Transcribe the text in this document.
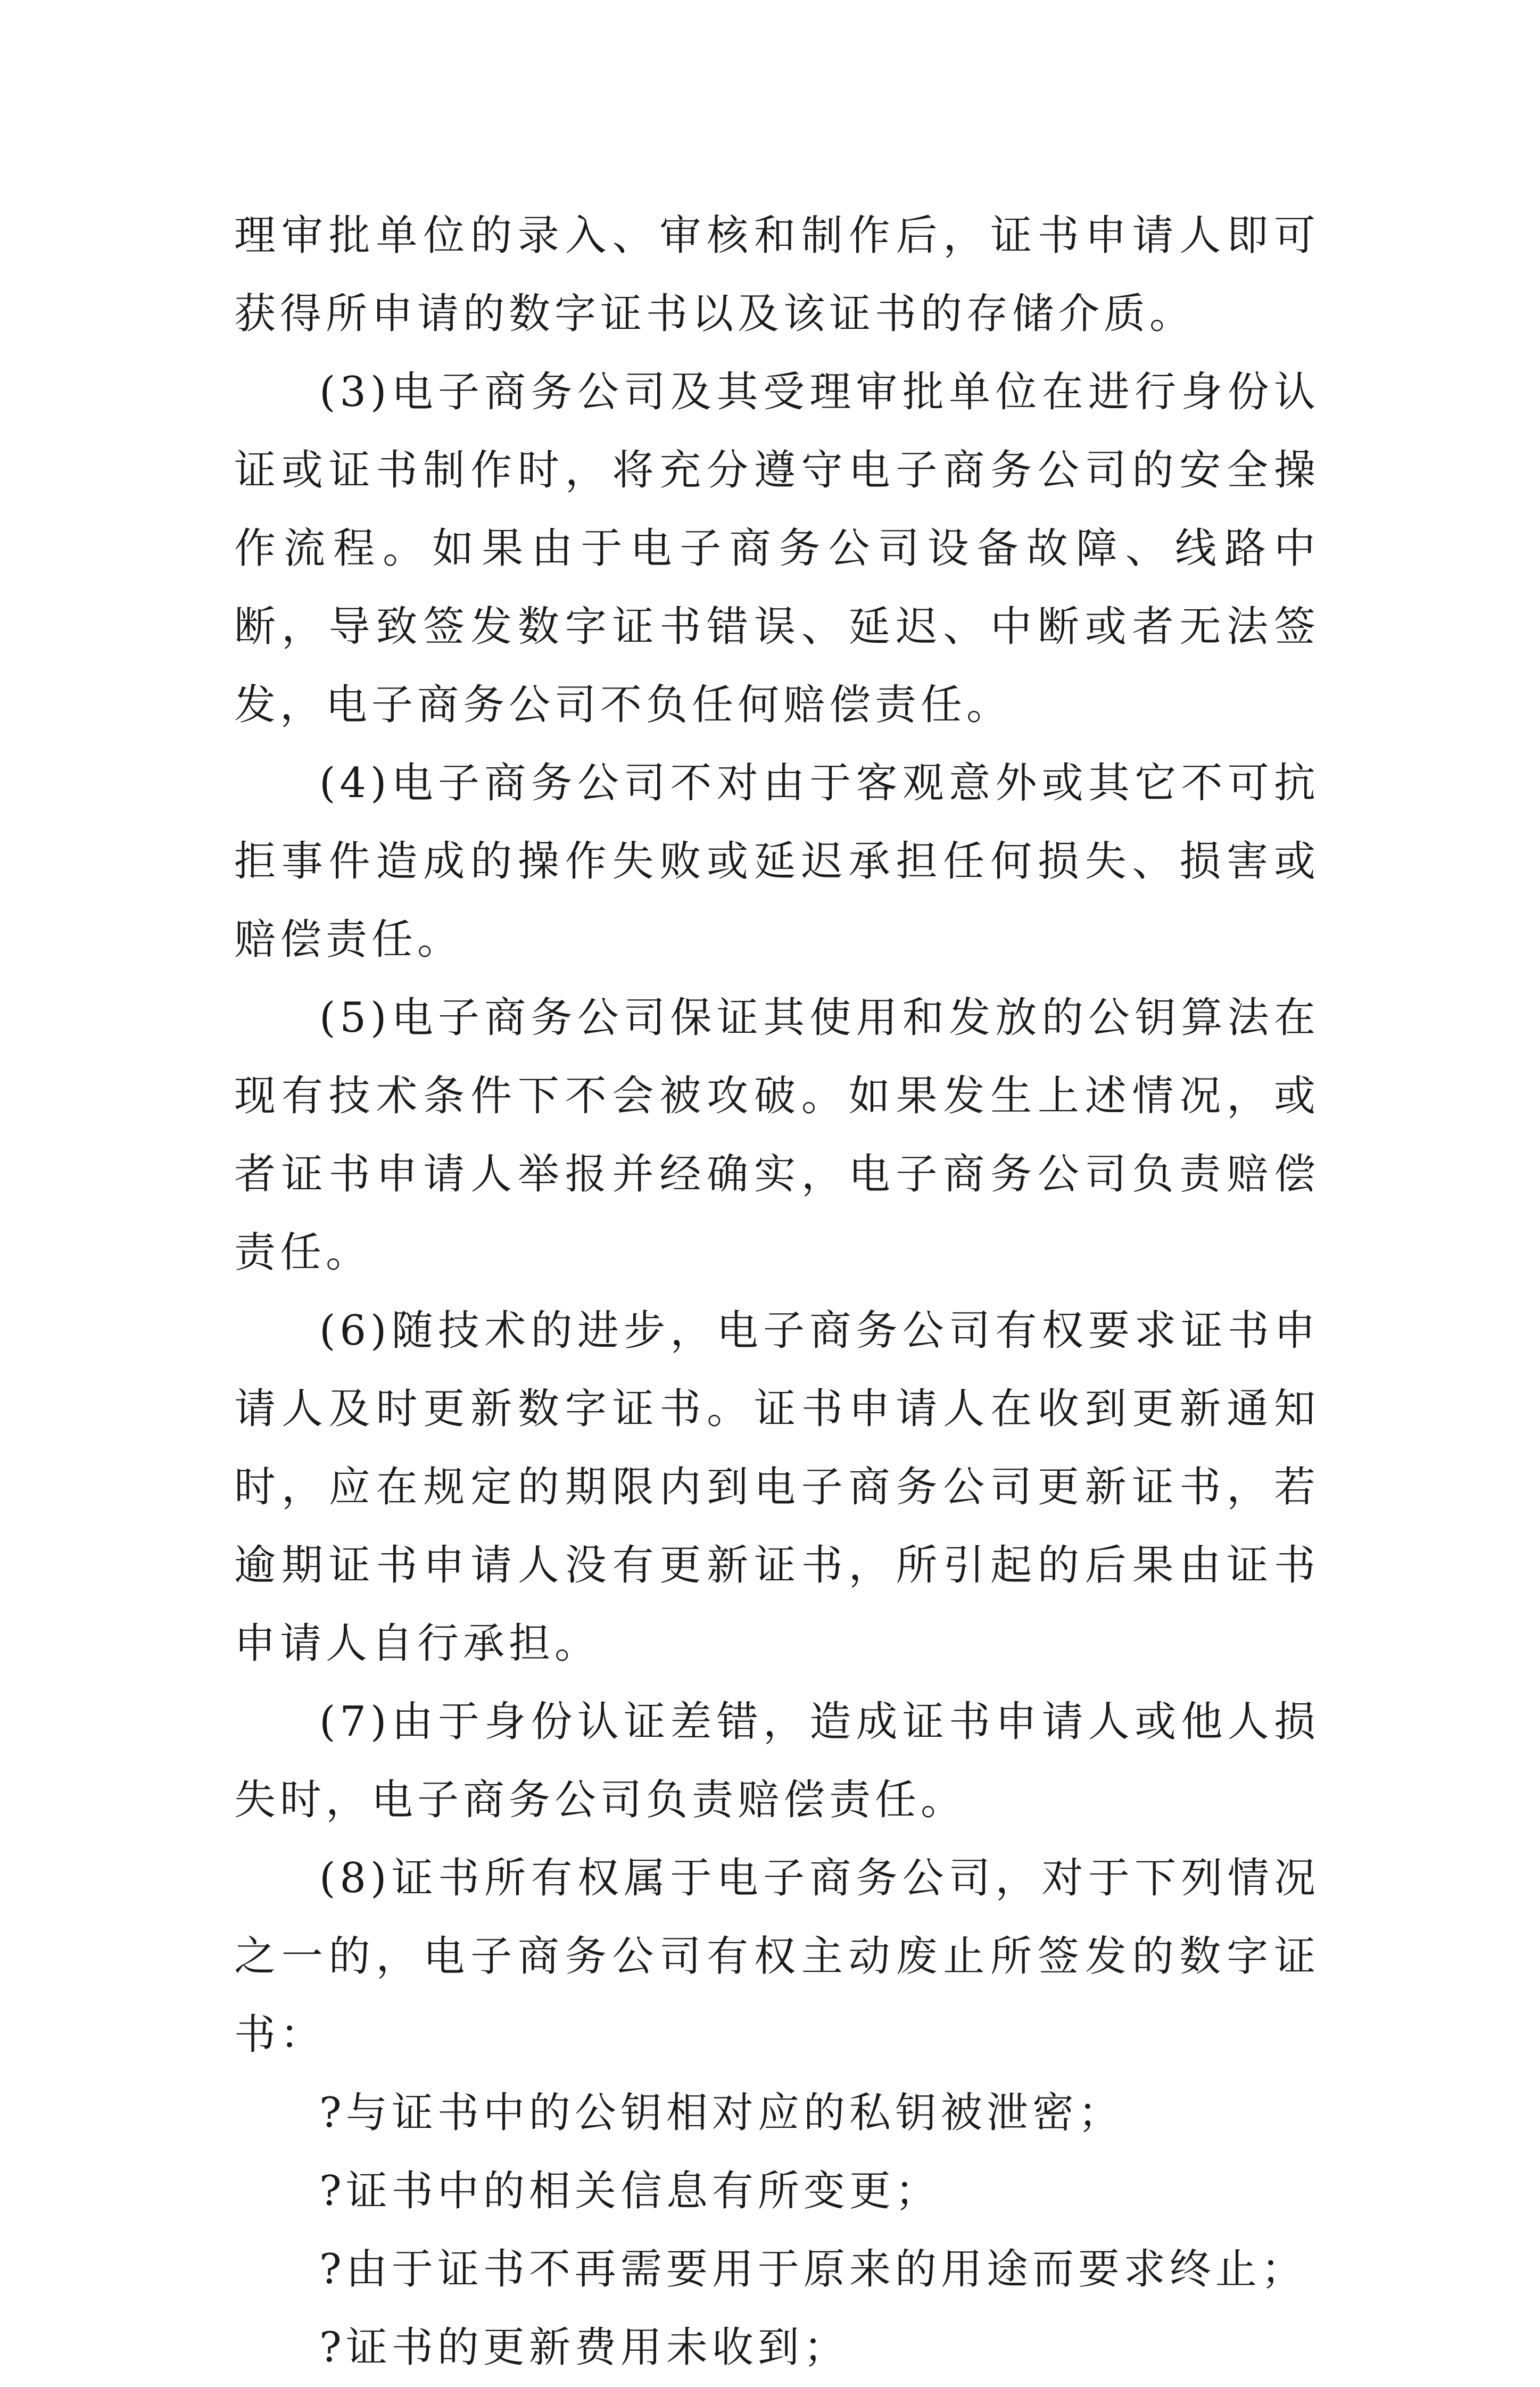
理审批单位的录入、审核和制作后，证书申请人即可获得所申请的数字证书以及该证书的存储介质。

(3)电子商务公司及其受理审批单位在进行身份认证或证书制作时，将充分遵守电子商务公司的安全操作流程。如果由于电子商务公司设备故障、线路中断，导致签发数字证书错误、延迟、中断或者无法签发，电子商务公司不负任何赔偿责任。

(4)电子商务公司不对由于客观意外或其它不可抗拒事件造成的操作失败或延迟承担任何损失、损害或赔偿责任。

(5)电子商务公司保证其使用和发放的公钥算法在现有技术条件下不会被攻破。如果发生上述情况，或者证书申请人举报并经确实，电子商务公司负责赔偿责任。

(6)随技术的进步，电子商务公司有权要求证书申请人及时更新数字证书。证书申请人在收到更新通知时，应在规定的期限内到电子商务公司更新证书，若逾期证书申请人没有更新证书，所引起的后果由证书申请人自行承担。

(7)由于身份认证差错，造成证书申请人或他人损失时，电子商务公司负责赔偿责任。

(8)证书所有权属于电子商务公司，对于下列情况之一的，电子商务公司有权主动废止所签发的数字证书：

?与证书中的公钥相对应的私钥被泄密；

?证书中的相关信息有所变更；

?由于证书不再需要用于原来的用途而要求终止；

?证书的更新费用未收到；
